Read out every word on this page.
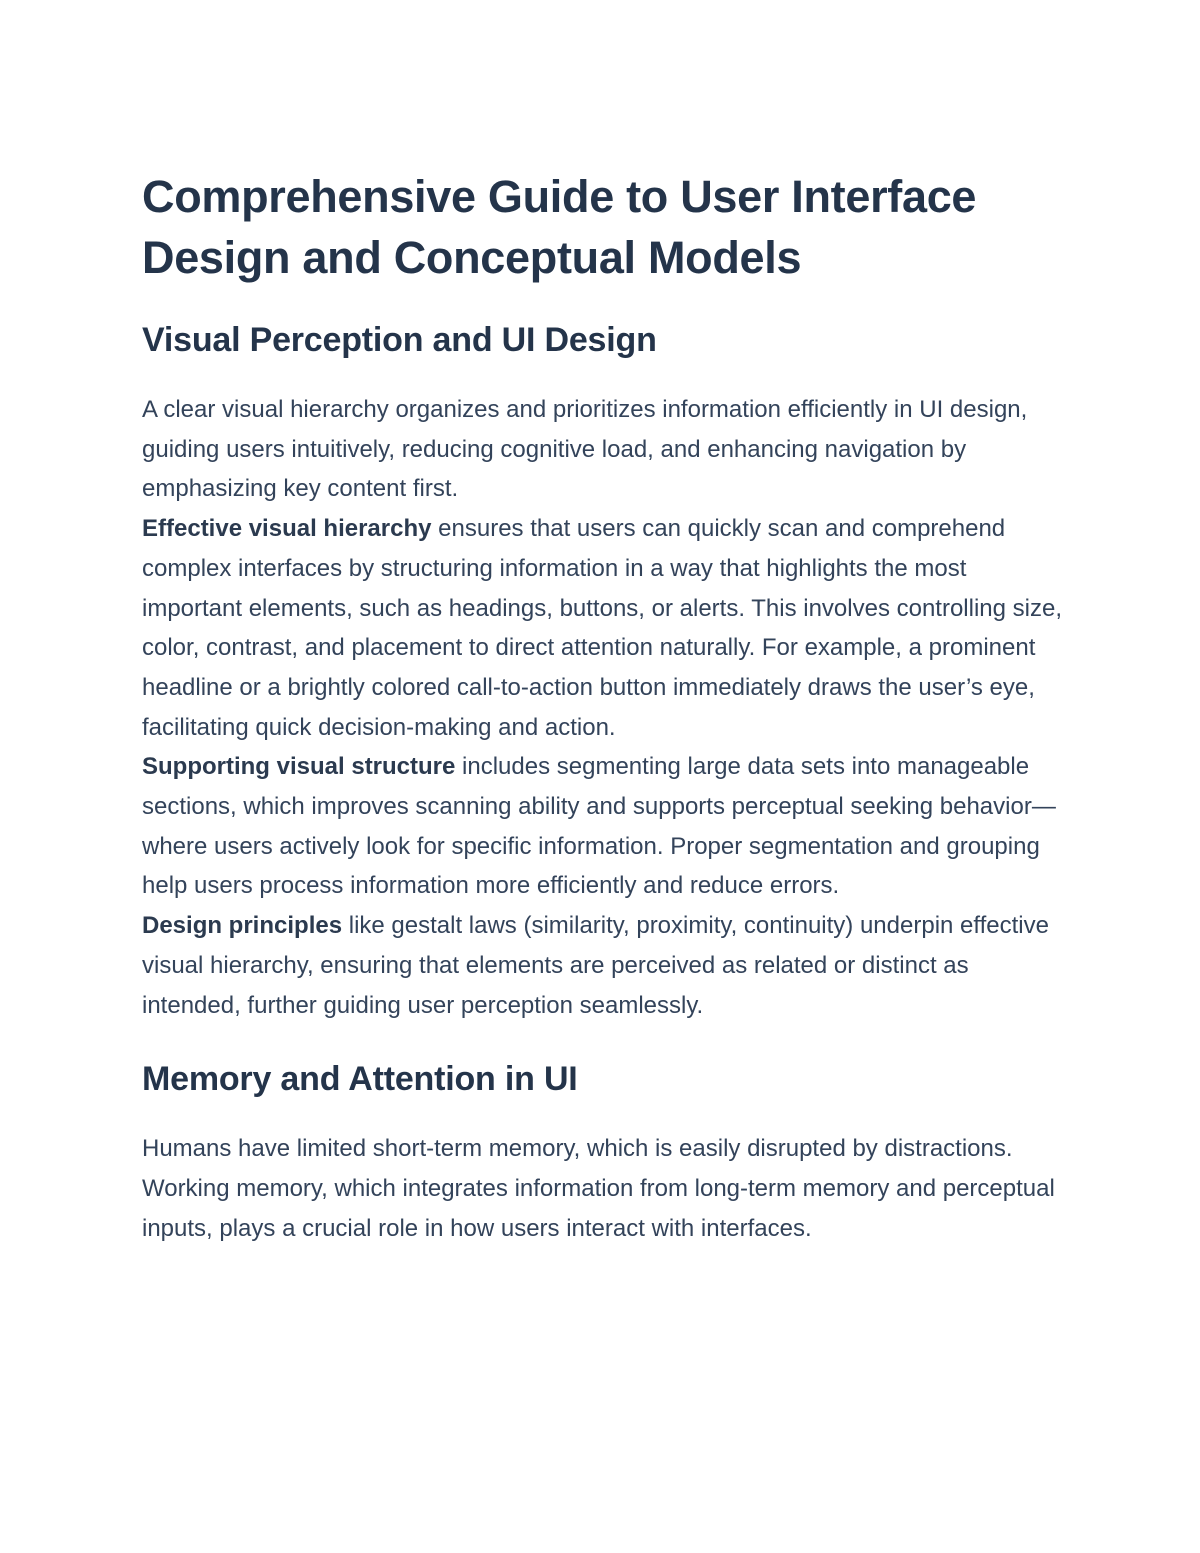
Comprehensive Guide to User Interface Design and Conceptual Models
Visual Perception and UI Design

A clear visual hierarchy organizes and prioritizes information efficiently in UI design, guiding users intuitively, reducing cognitive load, and enhancing navigation by emphasizing key content first.

Effective visual hierarchy ensures that users can quickly scan and comprehend complex interfaces by structuring information in a way that highlights the most important elements, such as headings, buttons, or alerts. This involves controlling size, color, contrast, and placement to direct attention naturally. For example, a prominent headline or a brightly colored call-to-action button immediately draws the user’s eye, facilitating quick decision-making and action.

Supporting visual structure includes segmenting large data sets into manageable sections, which improves scanning ability and supports perceptual seeking behavior—where users actively look for specific information. Proper segmentation and grouping help users process information more efficiently and reduce errors.

Design principles like gestalt laws (similarity, proximity, continuity) underpin effective visual hierarchy, ensuring that elements are perceived as related or distinct as intended, further guiding user perception seamlessly.

Memory and Attention in UI

Humans have limited short-term memory, which is easily disrupted by distractions. Working memory, which integrates information from long-term memory and perceptual inputs, plays a crucial role in how users interact with interfaces.
